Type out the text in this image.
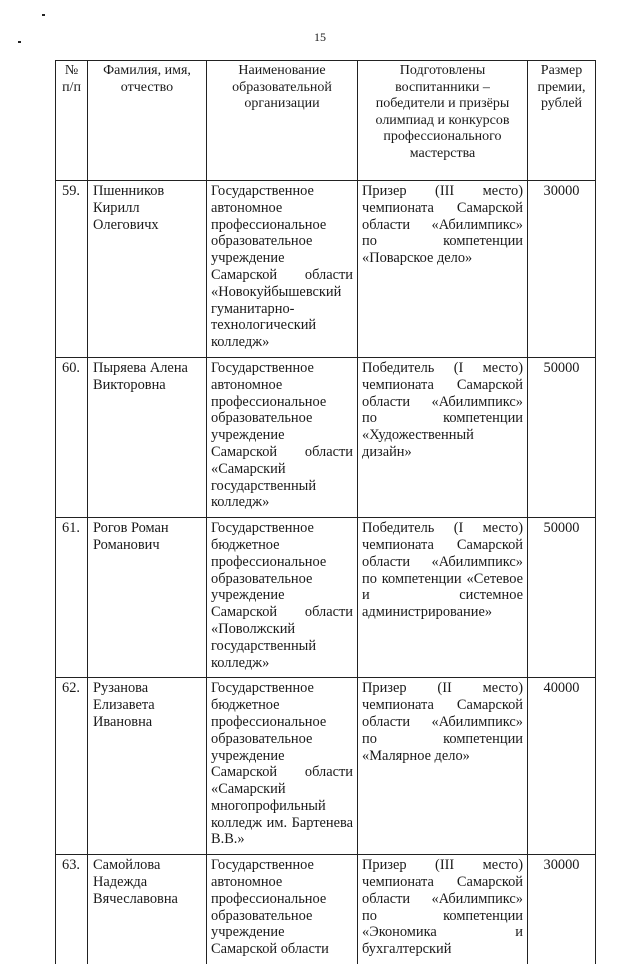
15
№ п/п	Фамилия, имя, отчество	Наименование образовательной организации	Подготовлены воспитанники – победители и призёры олимпиад и конкурсов профессионального мастерства	Размер премии, рублей
59.	Пшенников Кирилл Олеговичх	Государственное автономное профессиональное образовательное учреждение Самарской области «Новокуйбышевский гуманитарно-технологический колледж»	Призер (III место) чемпионата Самарской области «Абилимпикс» по компетенции «Поварское дело»	30000
60.	Пыряева Алена Викторовна	Государственное автономное профессиональное образовательное учреждение Самарской области «Самарский государственный колледж»	Победитель (I место) чемпионата Самарской области «Абилимпикс» по компетенции «Художественный дизайн»	50000
61.	Рогов Роман Романович	Государственное бюджетное профессиональное образовательное учреждение Самарской области «Поволжский государственный колледж»	Победитель (I место) чемпионата Самарской области «Абилимпикс» по компетенции «Сетевое и системное администрирование»	50000
62.	Рузанова Елизавета Ивановна	Государственное бюджетное профессиональное образовательное учреждение Самарской области «Самарский многопрофильный колледж им. Бартенева В.В.»	Призер (II место) чемпионата Самарской области «Абилимпикс» по компетенции «Малярное дело»	40000
63.	Самойлова Надежда Вячеславовна	Государственное автономное профессиональное образовательное учреждение Самарской области	Призер (III место) чемпионата Самарской области «Абилимпикс» по компетенции «Экономика и бухгалтерский	30000
